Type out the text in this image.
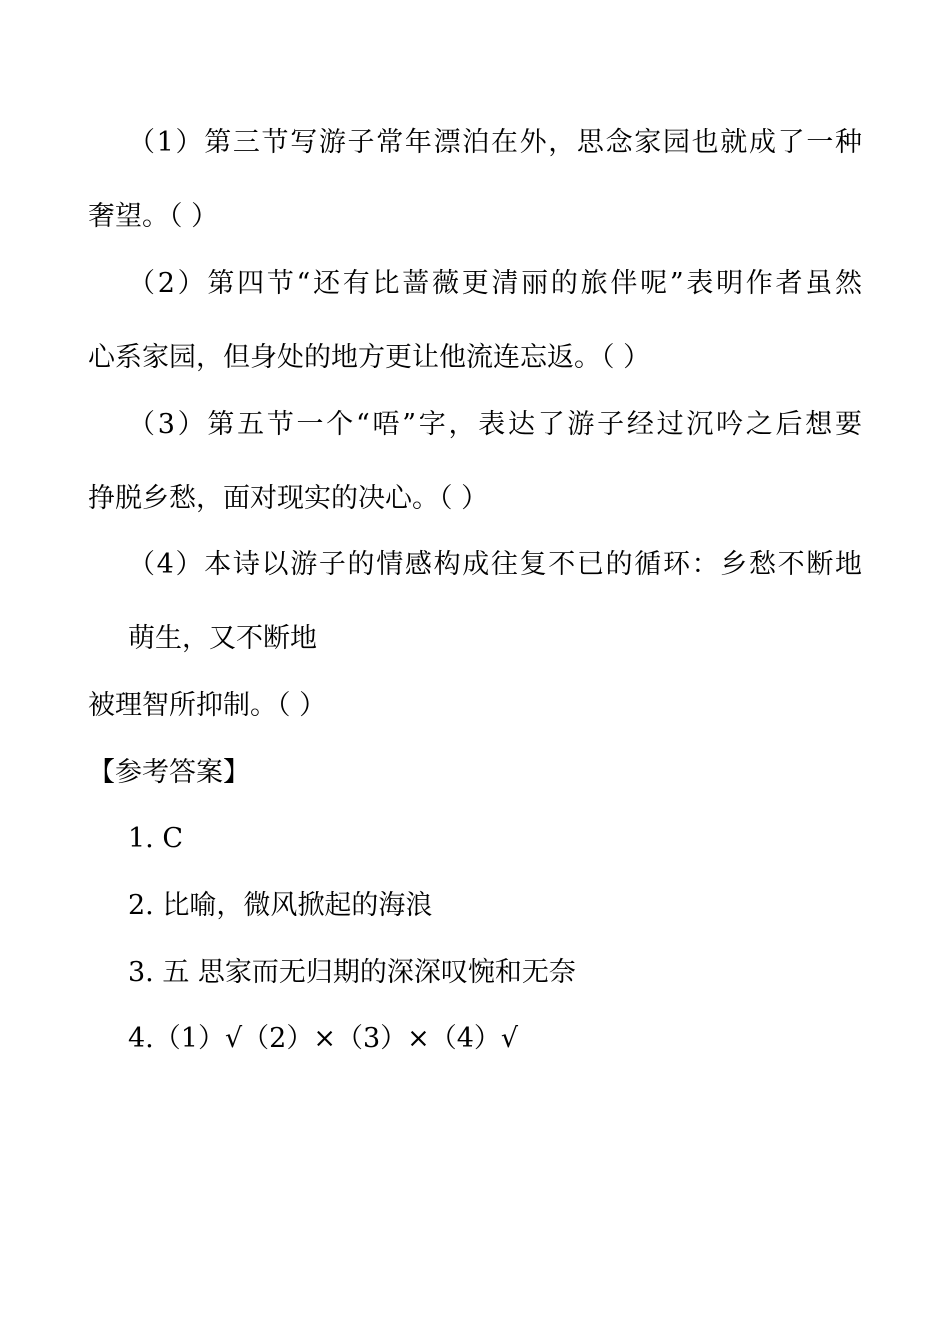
（1）第三节写游子常年漂泊在外，思念家园也就成了一种
奢望。（ ）
（2）第四节“还有比蔷薇更清丽的旅伴呢”表明作者虽然
心系家园，但身处的地方更让他流连忘返。（ ）
（3）第五节一个“唔”字，表达了游子经过沉吟之后想要
挣脱乡愁，面对现实的决心。（ ）
（4）本诗以游子的情感构成往复不已的循环：乡愁不断地
萌生，又不断地
被理智所抑制。（ ）
【参考答案】
1. C
2. 比喻，微风掀起的海浪
3. 五 思家而无归期的深深叹惋和无奈
4.（1）√（2）×（3）×（4）√
